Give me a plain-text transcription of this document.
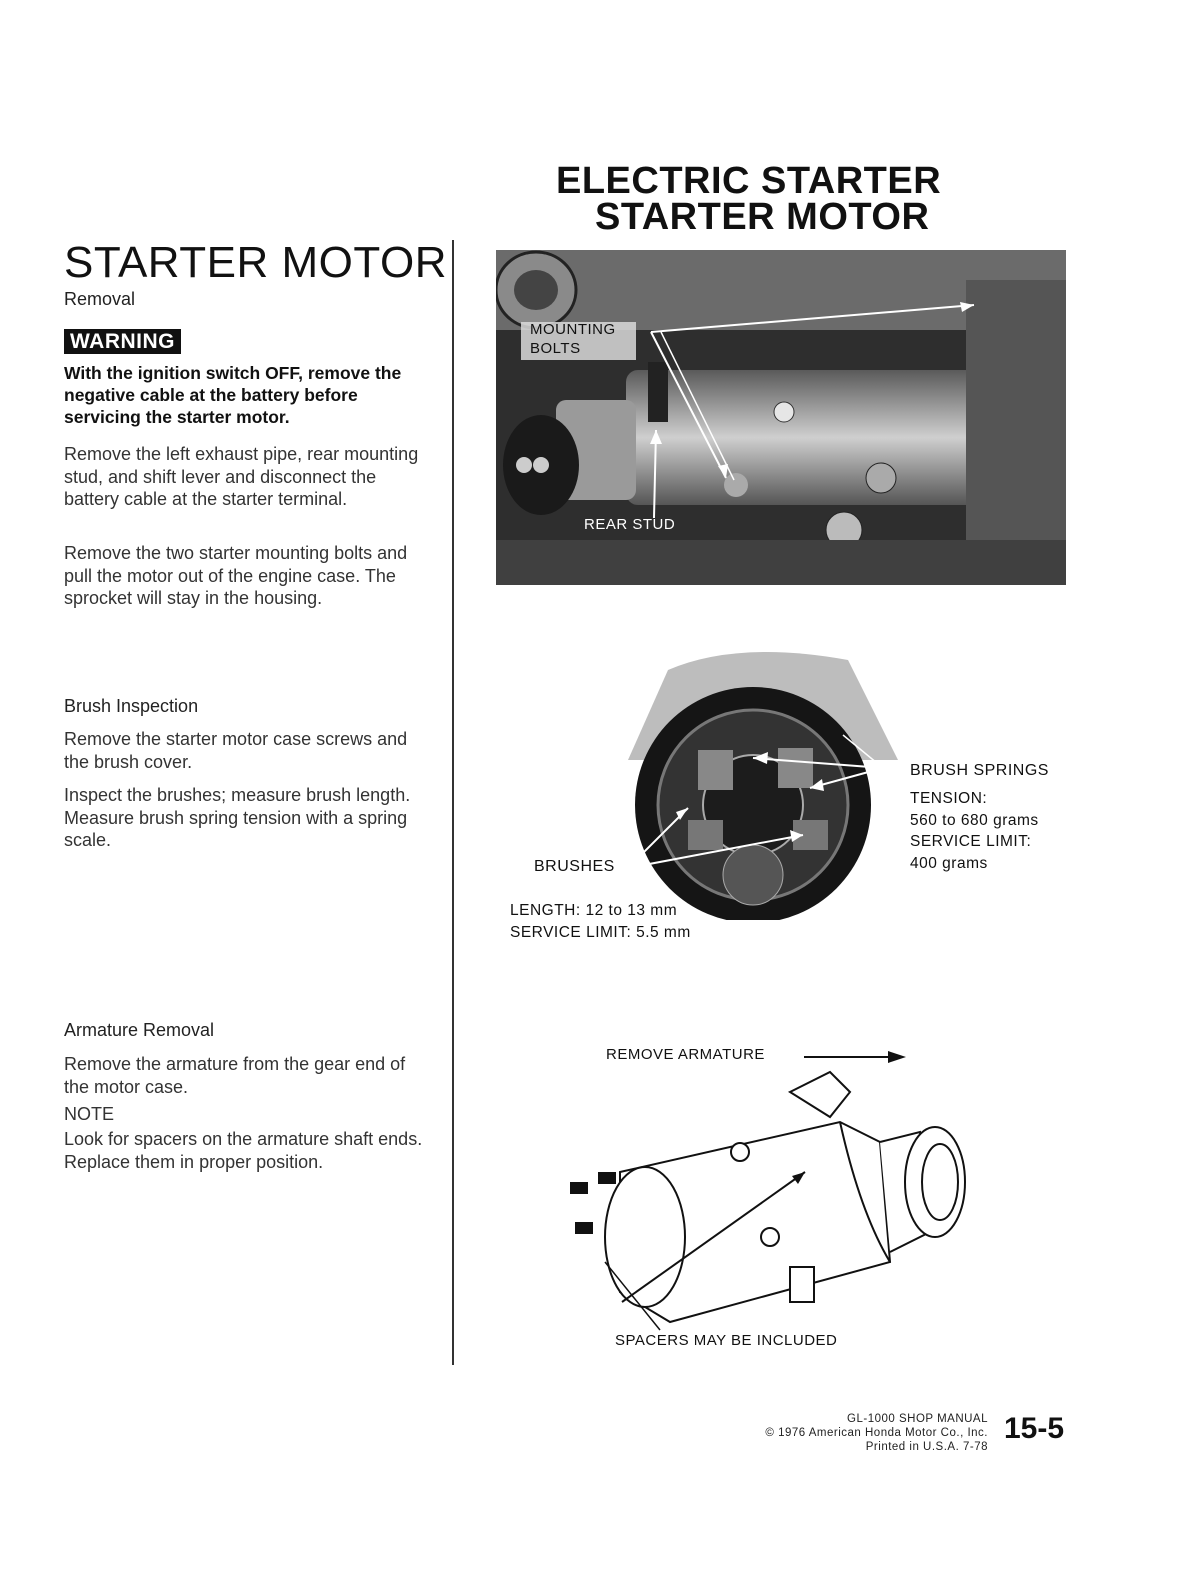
ELECTRIC STARTER
STARTER MOTOR
STARTER MOTOR
Removal
WARNING
With the ignition switch OFF, remove the negative cable at the battery before servicing the starter motor.
Remove the left exhaust pipe, rear mounting stud, and shift lever and disconnect the battery cable at the starter terminal.
Remove the two starter mounting bolts and pull the motor out of the engine case. The sprocket will stay in the housing.
Brush Inspection
Remove the starter motor case screws and the brush cover.
Inspect the brushes; measure brush length. Measure brush spring tension with a spring scale.
Armature Removal
Remove the armature from the gear end of the motor case.
NOTE
Look for spacers on the armature shaft ends. Replace them in proper position.
MOUNTING BOLTS
REAR STUD
BRUSH SPRINGS
TENSION:
560 to 680 grams
SERVICE LIMIT:
400 grams
BRUSHES
LENGTH: 12 to 13 mm
SERVICE LIMIT: 5.5 mm
REMOVE ARMATURE
SPACERS MAY BE INCLUDED
GL-1000 SHOP MANUAL
© 1976 American Honda Motor Co., Inc.
Printed in U.S.A. 7-78
15-5
